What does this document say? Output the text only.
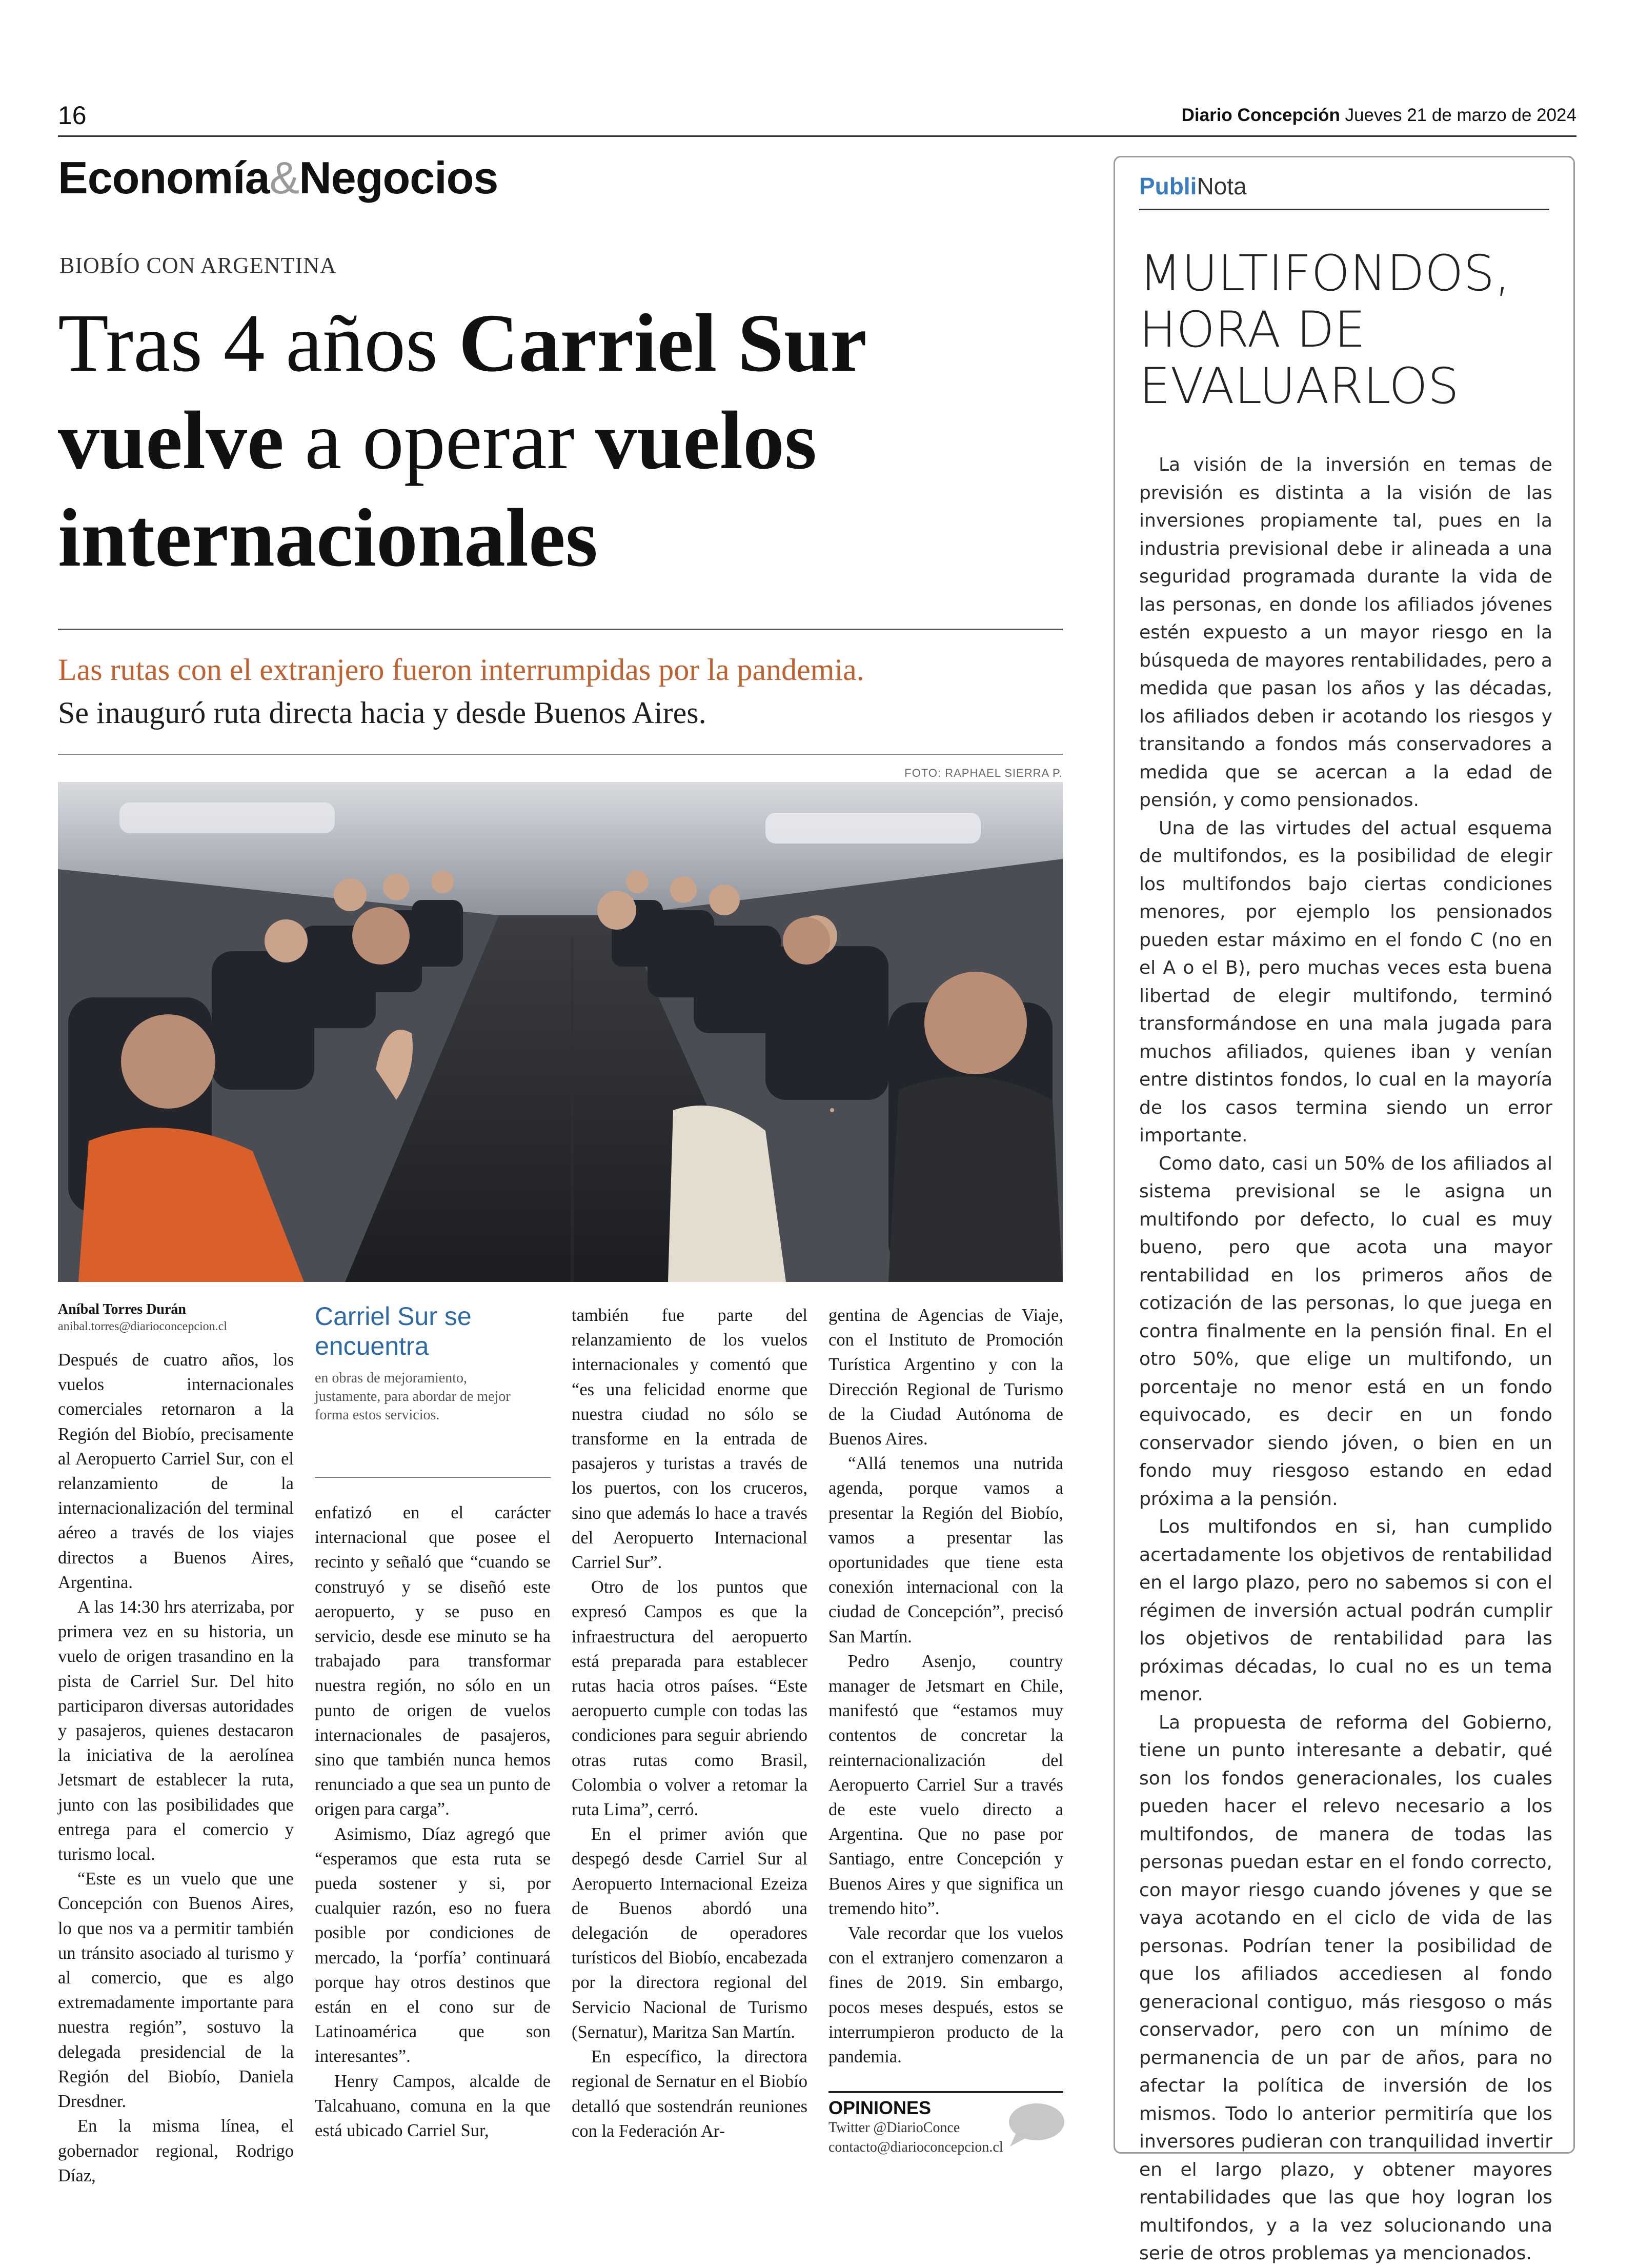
16	Diario Concepción Jueves 21 de marzo de 2024
Economía&Negocios
BIOBÍO CON ARGENTINA
Tras 4 años Carriel Sur
vuelve a operar vuelos
internacionales
Las rutas con el extranjero fueron interrumpidas por la pandemia.
Se inauguró ruta directa hacia y desde Buenos Aires.
FOTO: RAPHAEL SIERRA P.
Aníbal Torres Durán
anibal.torres@diarioconcepcion.cl	Carriel Sur se encuentra
en obras de mejoramiento, justamente, para abordar de mejor forma estos servicios.

Después de cuatro años, los vuelos internacionales comerciales retornaron a la Región del Biobío, precisamente al Aeropuerto Carriel Sur, con el relanzamiento de la internacionalización del terminal aéreo a través de los viajes directos a Buenos Aires, Argentina.

A las 14:30 hrs aterrizaba, por primera vez en su historia, un vuelo de origen trasandino en la pista de Carriel Sur. Del hito participaron diversas autoridades y pasajeros, quienes destacaron la iniciativa de la aerolínea Jetsmart de establecer la ruta, junto con las posibilidades que entrega para el comercio y turismo local.

“Este es un vuelo que une Concepción con Buenos Aires, lo que nos va a permitir también un tránsito asociado al turismo y al comercio, que es algo extremadamente importante para nuestra región”, sostuvo la delegada presidencial de la Región del Biobío, Daniela Dresdner.

En la misma línea, el gobernador regional, Rodrigo Díaz,

enfatizó en el carácter internacional que posee el recinto y señaló que “cuando se construyó y se diseñó este aeropuerto, y se puso en servicio, desde ese minuto se ha trabajado para transformar nuestra región, no sólo en un punto de origen de vuelos internacionales de pasajeros, sino que también nunca hemos renunciado a que sea un punto de origen para carga”.

Asimismo, Díaz agregó que “esperamos que esta ruta se pueda sostener y si, por cualquier razón, eso no fuera posible por condiciones de mercado, la ‘porfía’ continuará porque hay otros destinos que están en el cono sur de Latinoamérica que son interesantes”.

Henry Campos, alcalde de Talcahuano, comuna en la que está ubicado Carriel Sur,

también fue parte del relanzamiento de los vuelos internacionales y comentó que “es una felicidad enorme que nuestra ciudad no sólo se transforme en la entrada de pasajeros y turistas a través de los puertos, con los cruceros, sino que además lo hace a través del Aeropuerto Internacional Carriel Sur”.

Otro de los puntos que expresó Campos es que la infraestructura del aeropuerto está preparada para establecer rutas hacia otros países. “Este aeropuerto cumple con todas las condiciones para seguir abriendo otras rutas como Brasil, Colombia o volver a retomar la ruta Lima”, cerró.

En el primer avión que despegó desde Carriel Sur al Aeropuerto Internacional Ezeiza de Buenos abordó una delegación de operadores turísticos del Biobío, encabezada por la directora regional del Servicio Nacional de Turismo (Sernatur), Maritza San Martín.

En específico, la directora regional de Sernatur en el Biobío detalló que sostendrán reuniones con la Federación Ar-

gentina de Agencias de Viaje, con el Instituto de Promoción Turística Argentino y con la Dirección Regional de Turismo de la Ciudad Autónoma de Buenos Aires.

“Allá tenemos una nutrida agenda, porque vamos a presentar la Región del Biobío, vamos a presentar las oportunidades que tiene esta conexión internacional con la ciudad de Concepción”, precisó San Martín.

Pedro Asenjo, country manager de Jetsmart en Chile, manifestó que “estamos muy contentos de concretar la reinternacionalización del Aeropuerto Carriel Sur a través de este vuelo directo a Argentina. Que no pase por Santiago, entre Concepción y Buenos Aires y que significa un tremendo hito”.

Vale recordar que los vuelos con el extranjero comenzaron a fines de 2019. Sin embargo, pocos meses después, estos se interrumpieron producto de la pandemia.

OPINIONES
Twitter @DiarioConce
contacto@diarioconcepcion.cl
PubliNota
MULTIFONDOS,
HORA DE
EVALUARLOS

La visión de la inversión en temas de previsión es distinta a la visión de las inversiones propiamente tal, pues en la industria previsional debe ir alineada a una seguridad programada durante la vida de las personas, en donde los afiliados jóvenes estén expuesto a un mayor riesgo en la búsqueda de mayores rentabilidades, pero a medida que pasan los años y las décadas, los afiliados deben ir acotando los riesgos y transitando a fondos más conservadores a medida que se acercan a la edad de pensión, y como pensionados.

Una de las virtudes del actual esquema de multifondos, es la posibilidad de elegir los multifondos bajo ciertas condiciones menores, por ejemplo los pensionados pueden estar máximo en el fondo C (no en el A o el B), pero muchas veces esta buena libertad de elegir multifondo, terminó transformándose en una mala jugada para muchos afiliados, quienes iban y venían entre distintos fondos, lo cual en la mayoría de los casos termina siendo un error importante.

Como dato, casi un 50% de los afiliados al sistema previsional se le asigna un multifondo por defecto, lo cual es muy bueno, pero que acota una mayor rentabilidad en los primeros años de cotización de las personas, lo que juega en contra finalmente en la pensión final. En el otro 50%, que elige un multifondo, un porcentaje no menor está en un fondo equivocado, es decir en un fondo conservador siendo jóven, o bien en un fondo muy riesgoso estando en edad próxima a la pensión.

Los multifondos en si, han cumplido acertadamente los objetivos de rentabilidad en el largo plazo, pero no sabemos si con el régimen de inversión actual podrán cumplir los objetivos de rentabilidad para las próximas décadas, lo cual no es un tema menor.

La propuesta de reforma del Gobierno, tiene un punto interesante a debatir, qué son los fondos generacionales, los cuales pueden hacer el relevo necesario a los multifondos, de manera de todas las personas puedan estar en el fondo correcto, con mayor riesgo cuando jóvenes y que se vaya acotando en el ciclo de vida de las personas. Podrían tener la posibilidad de que los afiliados accediesen al fondo generacional contiguo, más riesgoso o más conservador, pero con un mínimo de permanencia de un par de años, para no afectar la política de inversión de los mismos. Todo lo anterior permitiría que los inversores pudieran con tranquilidad invertir en el largo plazo, y obtener mayores rentabilidades que las que hoy logran los multifondos, y a la vez solucionando una serie de otros problemas ya mencionados.
